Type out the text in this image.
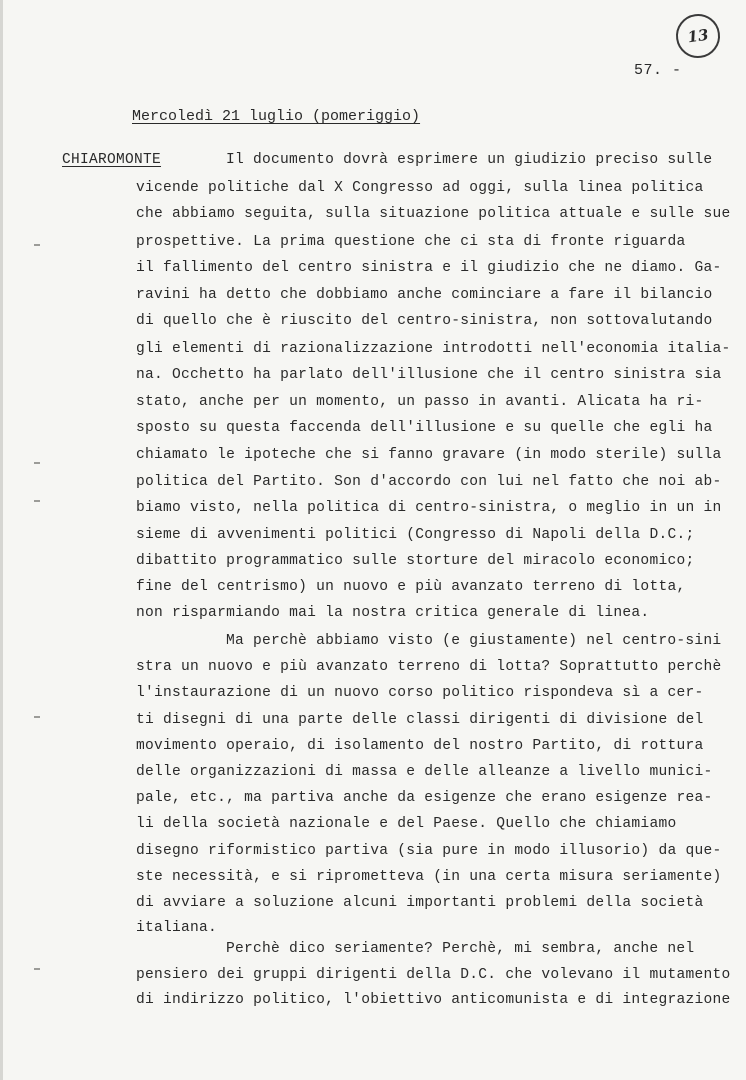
13
57. -
Mercoledì 21 luglio (pomeriggio)
CHIAROMONTE	Il documento dovrà esprimere un giudizio preciso sulle
vicende politiche dal X Congresso ad oggi, sulla linea politica
che abbiamo seguita, sulla situazione politica attuale e sulle sue
prospettive. La prima questione che ci sta di fronte riguarda
il fallimento del centro sinistra e il giudizio che ne diamo. Ga-
ravini ha detto che dobbiamo anche cominciare a fare il bilancio
di quello che è riuscito del centro-sinistra, non sottovalutando
gli elementi di razionalizzazione introdotti nell'economia italia-
na. Occhetto ha parlato dell'illusione che il centro sinistra sia
stato, anche per un momento, un passo in avanti. Alicata ha ri-
sposto su questa faccenda dell'illusione e su quelle che egli ha
chiamato le ipoteche che si fanno gravare (in modo sterile) sulla
politica del Partito. Son d'accordo con lui nel fatto che noi ab-
biamo visto, nella politica di centro-sinistra, o meglio in un in
sieme di avvenimenti politici (Congresso di Napoli della D.C.;
dibattito programmatico sulle storture del miracolo economico;
fine del centrismo) un nuovo e più avanzato terreno di lotta,
non risparmiando mai la nostra critica generale di linea.
Ma perchè abbiamo visto (e giustamente) nel centro-sini
stra un nuovo e più avanzato terreno di lotta? Soprattutto perchè
l'instaurazione di un nuovo corso politico rispondeva sì a cer-
ti disegni di una parte delle classi dirigenti di divisione del
movimento operaio, di isolamento del nostro Partito, di rottura
delle organizzazioni di massa e delle alleanze a livello munici-
pale, etc., ma partiva anche da esigenze che erano esigenze rea-
li della società nazionale e del Paese. Quello che chiamiamo
disegno riformistico partiva (sia pure in modo illusorio) da que-
ste necessità, e si riprometteva (in una certa misura seriamente)
di avviare a soluzione alcuni importanti problemi della società
italiana.
Perchè dico seriamente? Perchè, mi sembra, anche nel
pensiero dei gruppi dirigenti della D.C. che volevano il mutamento
di indirizzo politico, l'obiettivo anticomunista e di integrazione
